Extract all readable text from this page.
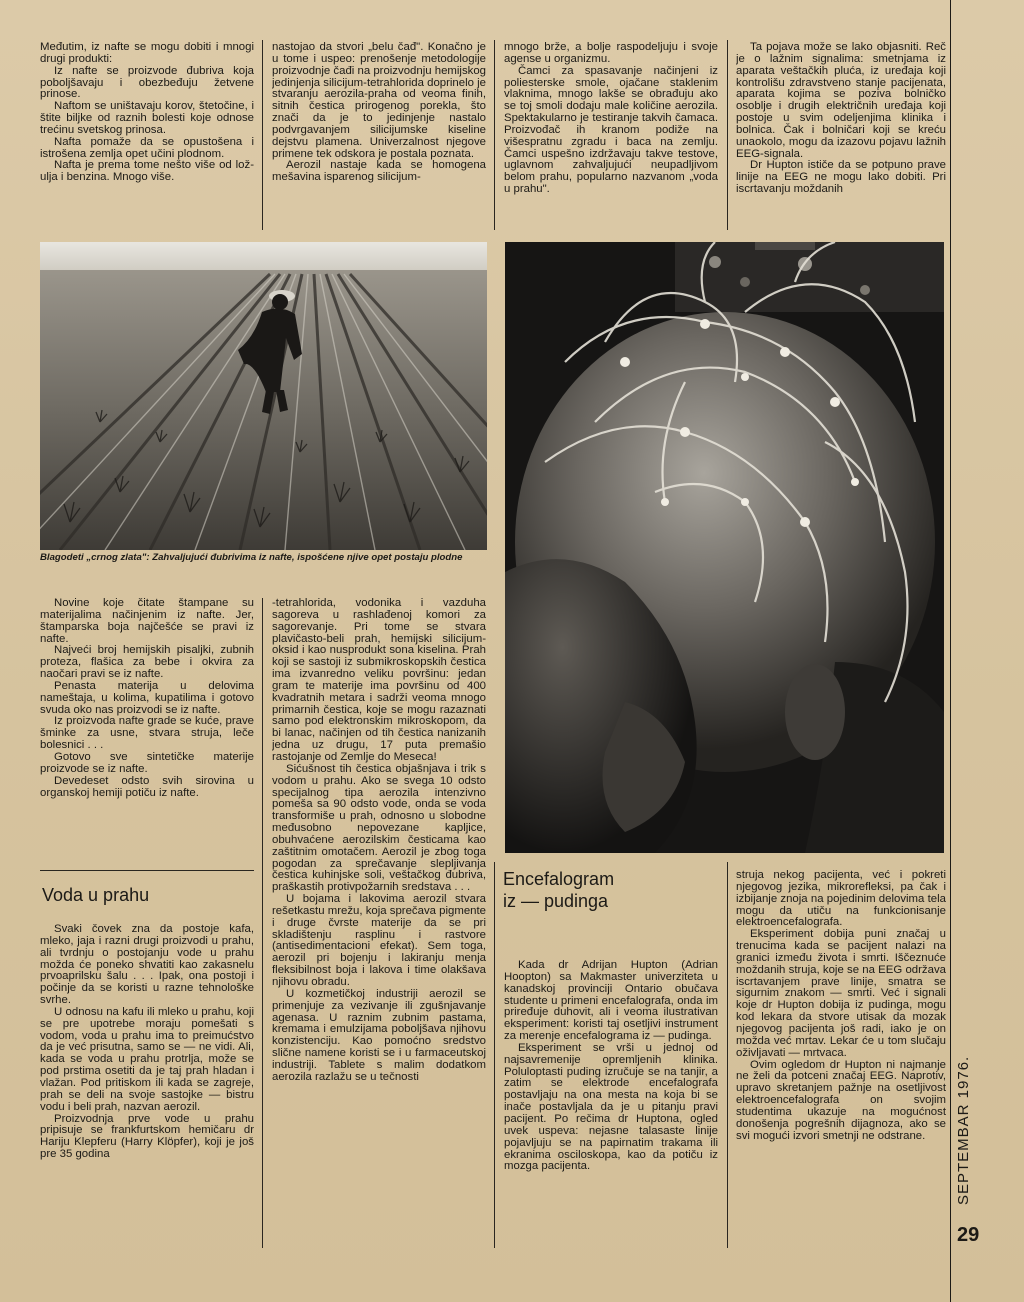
Međutim, iz nafte se mogu dobiti i mnogi drugi produkti:

Iz nafte se proizvode đubriva koja poboljšavaju i obezbeđuju žetvene prinose.

Naftom se uništavaju korov, štetočine, i štite biljke od raznih bolesti koje odnose trećinu svetskog prinosa.

Nafta pomaže da se opustošena i istrošena zemlja opet učini plodnom.

Nafta je prema tome nešto više od lož-ulja i benzina. Mnogo više.

nastojao da stvori „belu čađ". Konačno je u tome i uspeo: prenošenje metodologije proizvodnje čađi na proizvodnju hemijskog jedinjenja silicijum-tetrahlorida doprinelo je stvaranju aerozila-praha od veoma finih, sitnih čestica prirogenog porekla, što znači da je to jedinjenje nastalo podvrgavanjem silicijumske kiseline dejstvu plamena. Univerzalnost njegove primene tek odskora je postala poznata.

Aerozil nastaje kada se homogena mešavina isparenog silicijum-

mnogo brže, a bolje raspodeljuju i svoje agense u organizmu.

Čamci za spasavanje načinjeni iz poliesterske smole, ojačane staklenim vlaknima, mnogo lakše se obrađuju ako se toj smoli dodaju male količine aerozila. Spektakularno je testiranje takvih čamaca. Proizvođač ih kranom podiže na višespratnu zgradu i baca na zemlju. Čamci uspešno izdržavaju takve testove, uglavnom zahvaljujući neupadljivom belom prahu, popularno nazvanom „voda u prahu".

Ta pojava može se lako objasniti. Reč je o lažnim signalima: smetnjama iz aparata veštačkih pluća, iz uređaja koji kontrolišu zdravstveno stanje pacijenata, aparata kojima se poziva bolničko osoblje i drugih električnih uređaja koji postoje u svim odeljenjima klinika i bolnica. Čak i bolničari koji se kreću unaokolo, mogu da izazovu pojavu lažnih EEG-signala.

Dr Hupton ističe da se potpuno prave linije na EEG ne mogu lako dobiti. Pri iscrtavanju moždanih

Blagodeti „crnog zlata": Zahvaljujući đubrivima iz nafte, ispošćene njive opet postaju plodne

Novine koje čitate štampane su materijalima načinjenim iz nafte. Jer, štamparska boja najčešće se pravi iz nafte.

Najveći broj hemijskih pisaljki, zubnih proteza, flašica za bebe i okvira za naočari pravi se iz nafte.

Penasta materija u delovima nameštaja, u kolima, kupatilima i gotovo svuda oko nas proizvodi se iz nafte.

Iz proizvoda nafte grade se kuće, prave šminke za usne, stvara struja, leče bolesnici . . .

Gotovo sve sintetičke materije proizvode se iz nafte.

Devedeset odsto svih sirovina u organskoj hemiji potiču iz nafte.

Voda u prahu

Svaki čovek zna da postoje kafa, mleko, jaja i razni drugi proizvodi u prahu, ali tvrdnju o postojanju vode u prahu možda će poneko shvatiti kao zakasnelu prvoaprilsku šalu . . . Ipak, ona postoji i počinje da se koristi u razne tehnološke svrhe.

U odnosu na kafu ili mleko u prahu, koji se pre upotrebe moraju pomešati s vodom, voda u prahu ima to preimućstvo da je već prisutna, samo se — ne vidi. Ali, kada se voda u prahu protrlja, može se pod prstima osetiti da je taj prah hladan i vlažan. Pod pritiskom ili kada se zagreje, prah se deli na svoje sastojke — bistru vodu i beli prah, nazvan aerozil.

Proizvodnja prve vode u prahu pripisuje se frankfurtskom hemičaru dr Hariju Klepferu (Harry Klöpfer), koji je još pre 35 godina

-tetrahlorida, vodonika i vazduha sagoreva u rashlađenoj komori za sagorevanje. Pri tome se stvara plavičasto-beli prah, hemijski silicijum-oksid i kao nusprodukt sona kiselina. Prah koji se sastoji iz submikroskopskih čestica ima izvanredno veliku površinu: jedan gram te materije ima površinu od 400 kvadratnih metara i sadrži veoma mnogo primarnih čestica, koje se mogu razaznati samo pod elektronskim mikroskopom, da bi lanac, načinjen od tih čestica nanizanih jedna uz drugu, 17 puta premašio rastojanje od Zemlje do Meseca!

Sićušnost tih čestica objašnjava i trik s vodom u prahu. Ako se svega 10 odsto specijalnog tipa aerozila intenzivno pomeša sa 90 odsto vode, onda se voda transformiše u prah, odnosno u slobodne međusobno nepovezane kapljice, obuhvaćene aerozilskim česticama kao zaštitnim omotačem. Aerozil je zbog toga pogodan za sprečavanje slepljivanja čestica kuhinjske soli, veštačkog đubriva, praškastih protivpožarnih sredstava . . .

U bojama i lakovima aerozil stvara rešetkastu mrežu, koja sprečava pigmente i druge čvrste materije da se pri skladištenju rasplinu i rastvore (antisedimentacioni efekat). Sem toga, aerozil pri bojenju i lakiranju menja fleksibilnost boja i lakova i time olakšava njihovu obradu.

U kozmetičkoj industriji aerozil se primenjuje za vezivanje ili zgušnjavanje agenasa. U raznim zubnim pastama, kremama i emulzijama poboljšava njihovu konzistenciju. Kao pomoćno sredstvo slične namene koristi se i u farmaceutskoj industriji. Tablete s malim dodatkom aerozila razlažu se u tečnosti

Encefalogram
iz — pudinga

Kada dr Adrijan Hupton (Adrian Hoopton) sa Makmaster univerziteta u kanadskoj provinciji Ontario obučava studente u primeni encefalografa, onda im priređuje duhovit, ali i veoma ilustrativan eksperiment: koristi taj osetljivi instrument za merenje encefalograma iz — pudinga.

Eksperiment se vrši u jednoj od najsavremenije opremljenih klinika. Poluloptasti puding izručuje se na tanjir, a zatim se elektrode encefalografa postavljaju na ona mesta na koja bi se inače postavljala da je u pitanju pravi pacijent. Po rečima dr Huptona, ogled uvek uspeva: nejasne talasaste linije pojavljuju se na papirnatim trakama ili ekranima osciloskopa, kao da potiču iz mozga pacijenta.

struja nekog pacijenta, već i pokreti njegovog jezika, mikrorefleksi, pa čak i izbijanje znoja na pojedinim delovima tela mogu da utiču na funkcionisanje elektroencefalografa.

Eksperiment dobija puni značaj u trenucima kada se pacijent nalazi na granici između života i smrti. Iščeznuće moždanih struja, koje se na EEG održava iscrtavanjem prave linije, smatra se sigurnim znakom — smrti. Već i signali koje dr Hupton dobija iz pudinga, mogu kod lekara da stvore utisak da mozak njegovog pacijenta još radi, iako je on možda već mrtav. Lekar će u tom slučaju oživljavati — mrtvaca.

Ovim ogledom dr Hupton ni najmanje ne želi da potceni značaj EEG. Naprotiv, upravo skretanjem pažnje na osetljivost elektroencefalografa on svojim studentima ukazuje na mogućnost donošenja pogrešnih dijagnoza, ako se svi mogući izvori smetnji ne odstrane.	SEPTEMBAR 1976.
29
